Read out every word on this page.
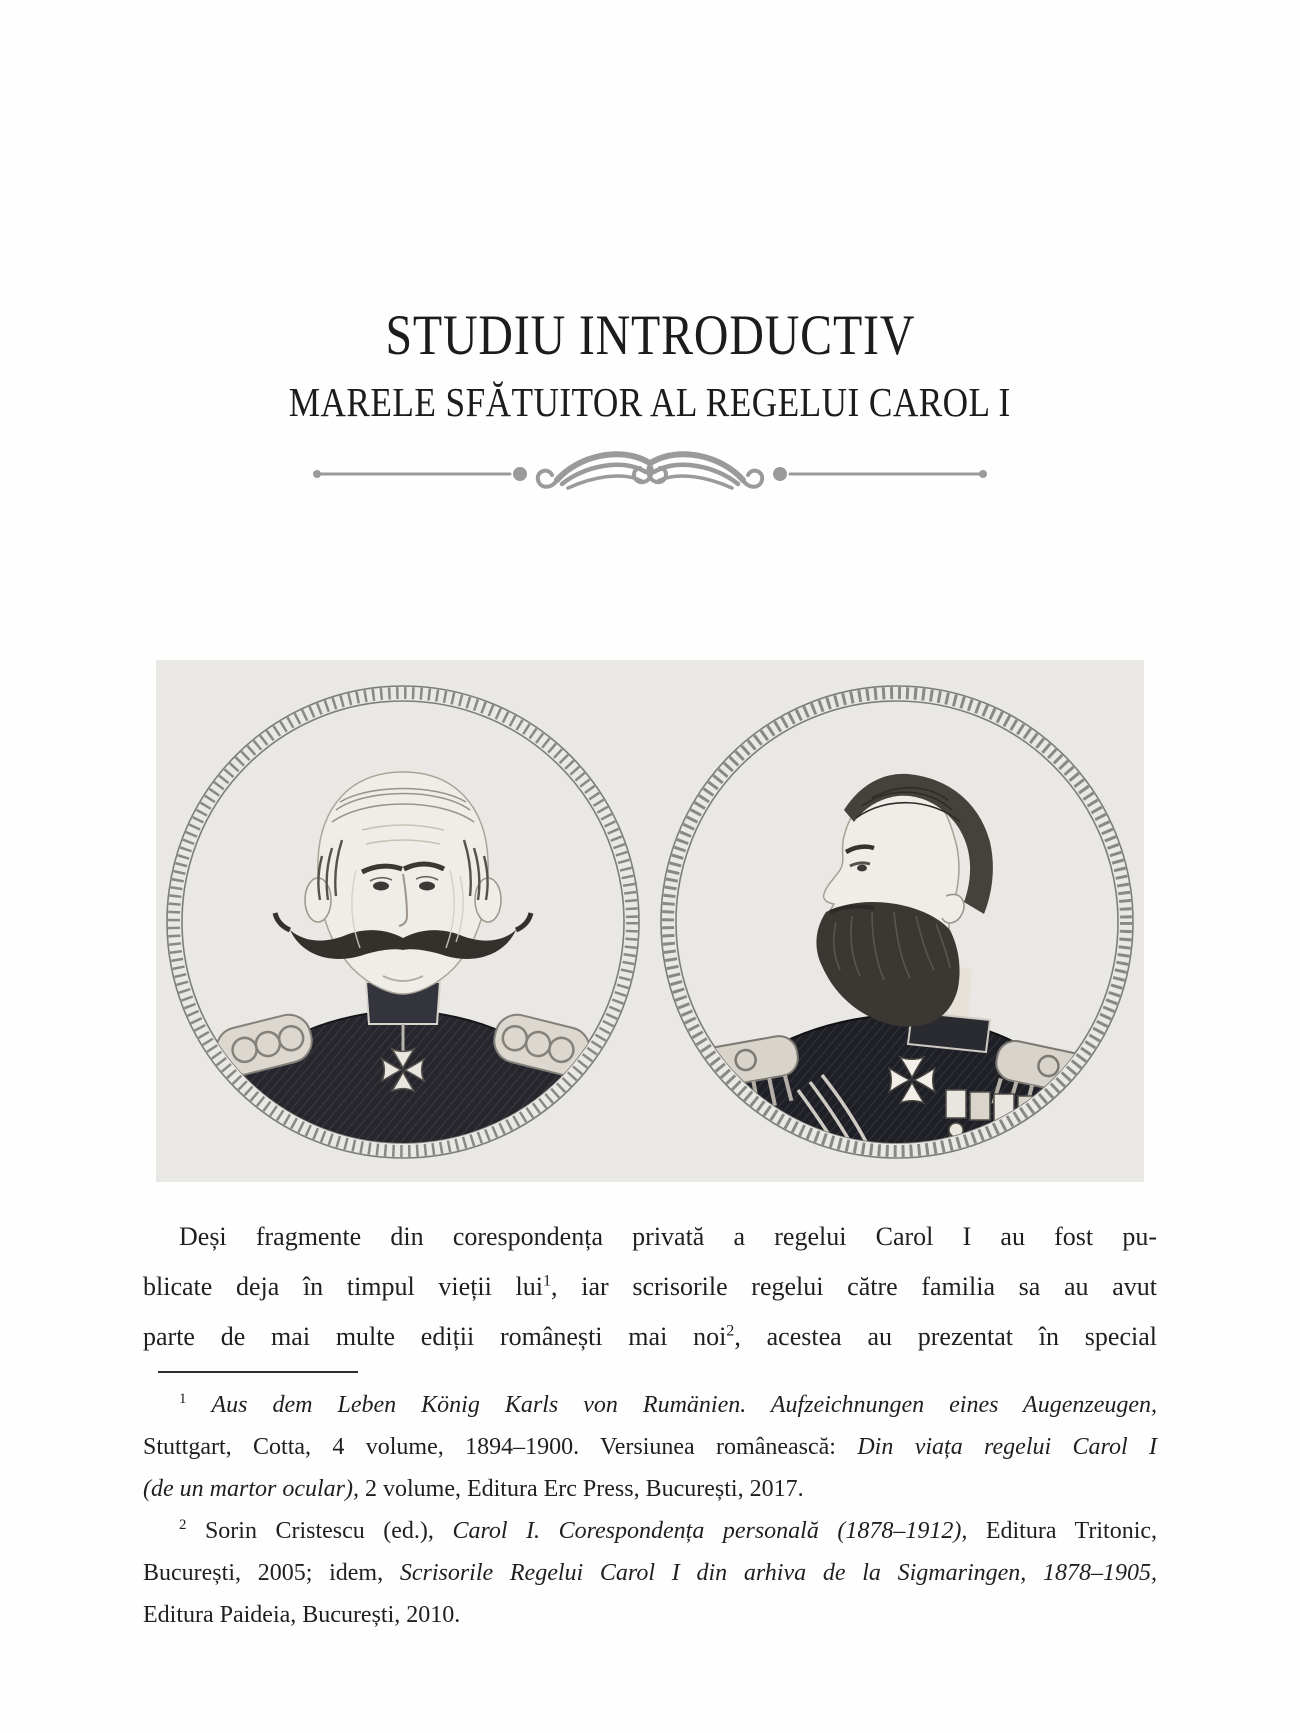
STUDIU INTRODUCTIV
MARELE SFĂTUITOR AL REGELUI CAROL I
Deși fragmente din corespondența privată a regelui Carol I au fost pu-
blicate deja în timpul vieții lui$^1$, iar scrisorile regelui către familia sa au avut
parte de mai multe ediții românești mai noi$^2$, acestea au prezentat în special
$^1$ Aus dem Leben König Karls von Rumänien. Aufzeichnungen eines Augenzeugen,
Stuttgart, Cotta, 4 volume, 1894–1900. Versiunea românească: Din viața regelui Carol I
(de un martor ocular), 2 volume, Editura Erc Press, București, 2017.
$^2$ Sorin Cristescu (ed.), Carol I. Corespondența personală (1878–1912), Editura Tritonic,
București, 2005; idem, Scrisorile Regelui Carol I din arhiva de la Sigmaringen, 1878–1905,
Editura Paideia, București, 2010.
